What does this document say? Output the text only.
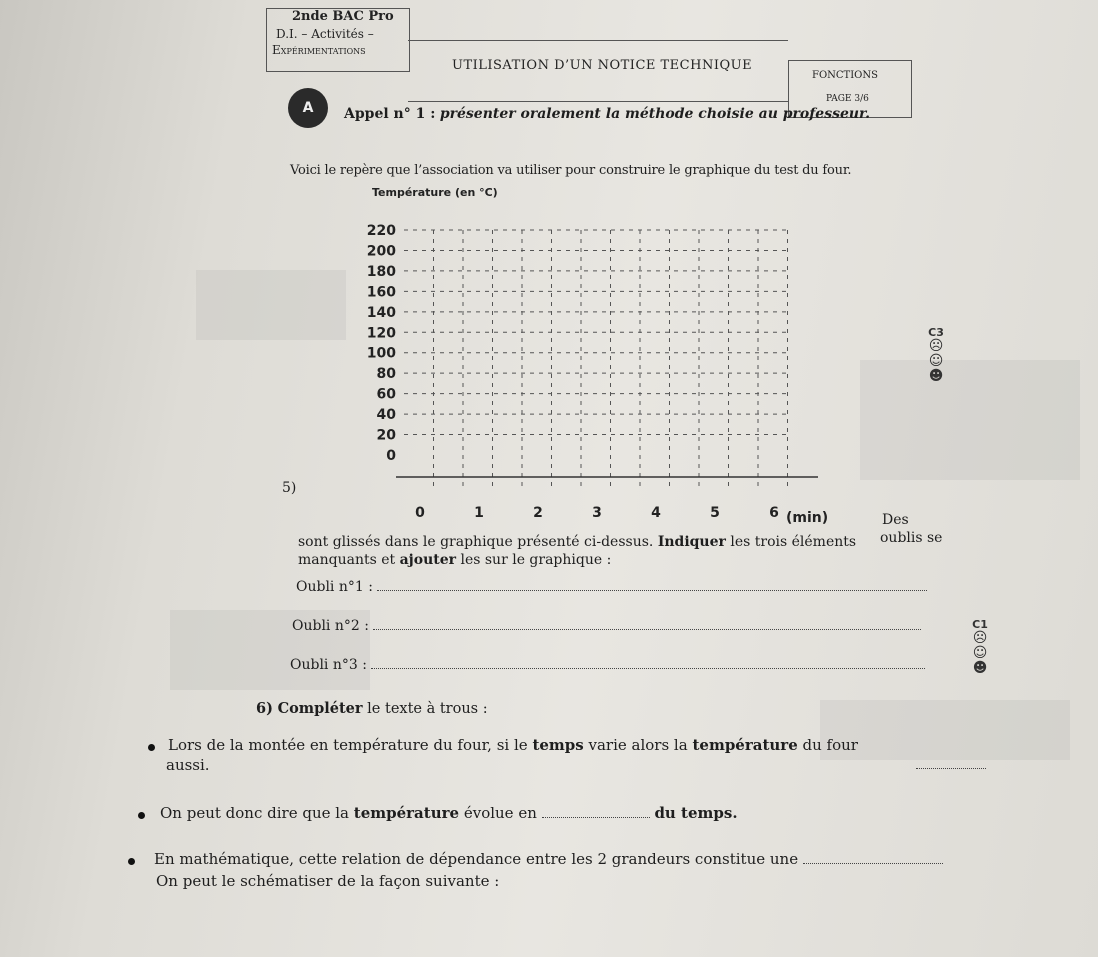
2nde BAC Pro
D.I. – Activités –
Expérimentations
UTILISATION D’UN NOTICE TECHNIQUE
FONCTIONS
PAGE 3/6
A	Appel n° 1 : présenter oralement la méthode choisie au professeur.
Voici le repère que l’association va utiliser pour construire le graphique du test du four.
0
20
40
60
80
100
120
140
160
180
200
220
0	1	2	3	4	5	6
Température (en °C)
(min)
C3
☹
☺
☻
5)
Des
oublis se
sont glissés dans le graphique présenté ci-dessus. Indiquer les trois éléments
manquants et ajouter les sur le graphique :
Oubli n°1 :
Oubli n°2 :
Oubli n°3 :
C1
☹
☺
☻
6) Compléter le texte à trous :
Lors de la montée en température du four, si le temps varie alors la température du four
aussi.
On peut donc dire que la température évolue en	du temps.
En mathématique, cette relation de dépendance entre les 2 grandeurs constitue une
On peut le schématiser de la façon suivante :
